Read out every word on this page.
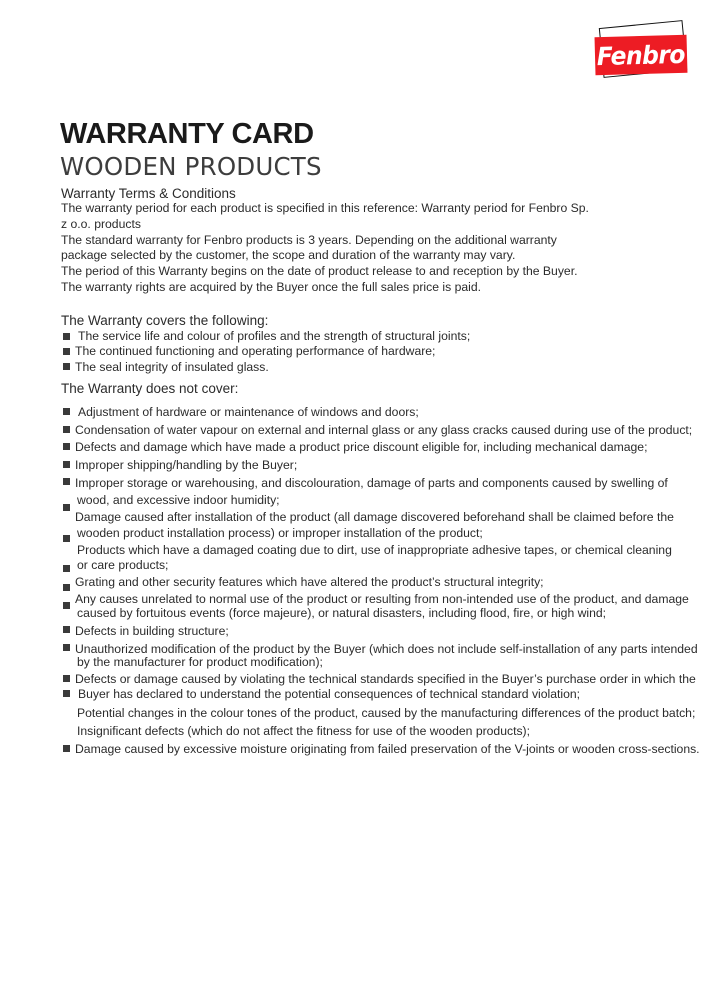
Fenbro
WARRANTY CARD
WOODEN PRODUCTS
Warranty Terms & Conditions
The warranty period for each product is specified in this reference: Warranty period for Fenbro Sp.
z o.o. products
The standard warranty for Fenbro products is 3 years. Depending on the additional warranty
package selected by the customer, the scope and duration of the warranty may vary.
The period of this Warranty begins on the date of product release to and reception by the Buyer.
The warranty rights are acquired by the Buyer once the full sales price is paid.
The Warranty covers the following:
The service life and colour of profiles and the strength of structural joints;
The continued functioning and operating performance of hardware;
The seal integrity of insulated glass.
The Warranty does not cover:
Adjustment of hardware or maintenance of windows and doors;
Condensation of water vapour on external and internal glass or any glass cracks caused during use of the product;
Defects and damage which have made a product price discount eligible for, including mechanical damage;
Improper shipping/handling by the Buyer;
Improper storage or warehousing, and discolouration, damage of parts and components caused by swelling of
wood, and excessive indoor humidity;
Damage caused after installation of the product (all damage discovered beforehand shall be claimed before the
wooden product installation process) or improper installation of the product;
Products which have a damaged coating due to dirt, use of inappropriate adhesive tapes, or chemical cleaning
or care products;
Grating and other security features which have altered the product’s structural integrity;
Any causes unrelated to normal use of the product or resulting from non-intended use of the product, and damage
caused by fortuitous events (force majeure), or natural disasters, including flood, fire, or high wind;
Defects in building structure;
Unauthorized modification of the product by the Buyer (which does not include self-installation of any parts intended
by the manufacturer for product modification);
Defects or damage caused by violating the technical standards specified in the Buyer’s purchase order in which the
Buyer has declared to understand the potential consequences of technical standard violation;
Potential changes in the colour tones of the product, caused by the manufacturing differences of the product batch;
Insignificant defects (which do not affect the fitness for use of the wooden products);
Damage caused by excessive moisture originating from failed preservation of the V-joints or wooden cross-sections.
